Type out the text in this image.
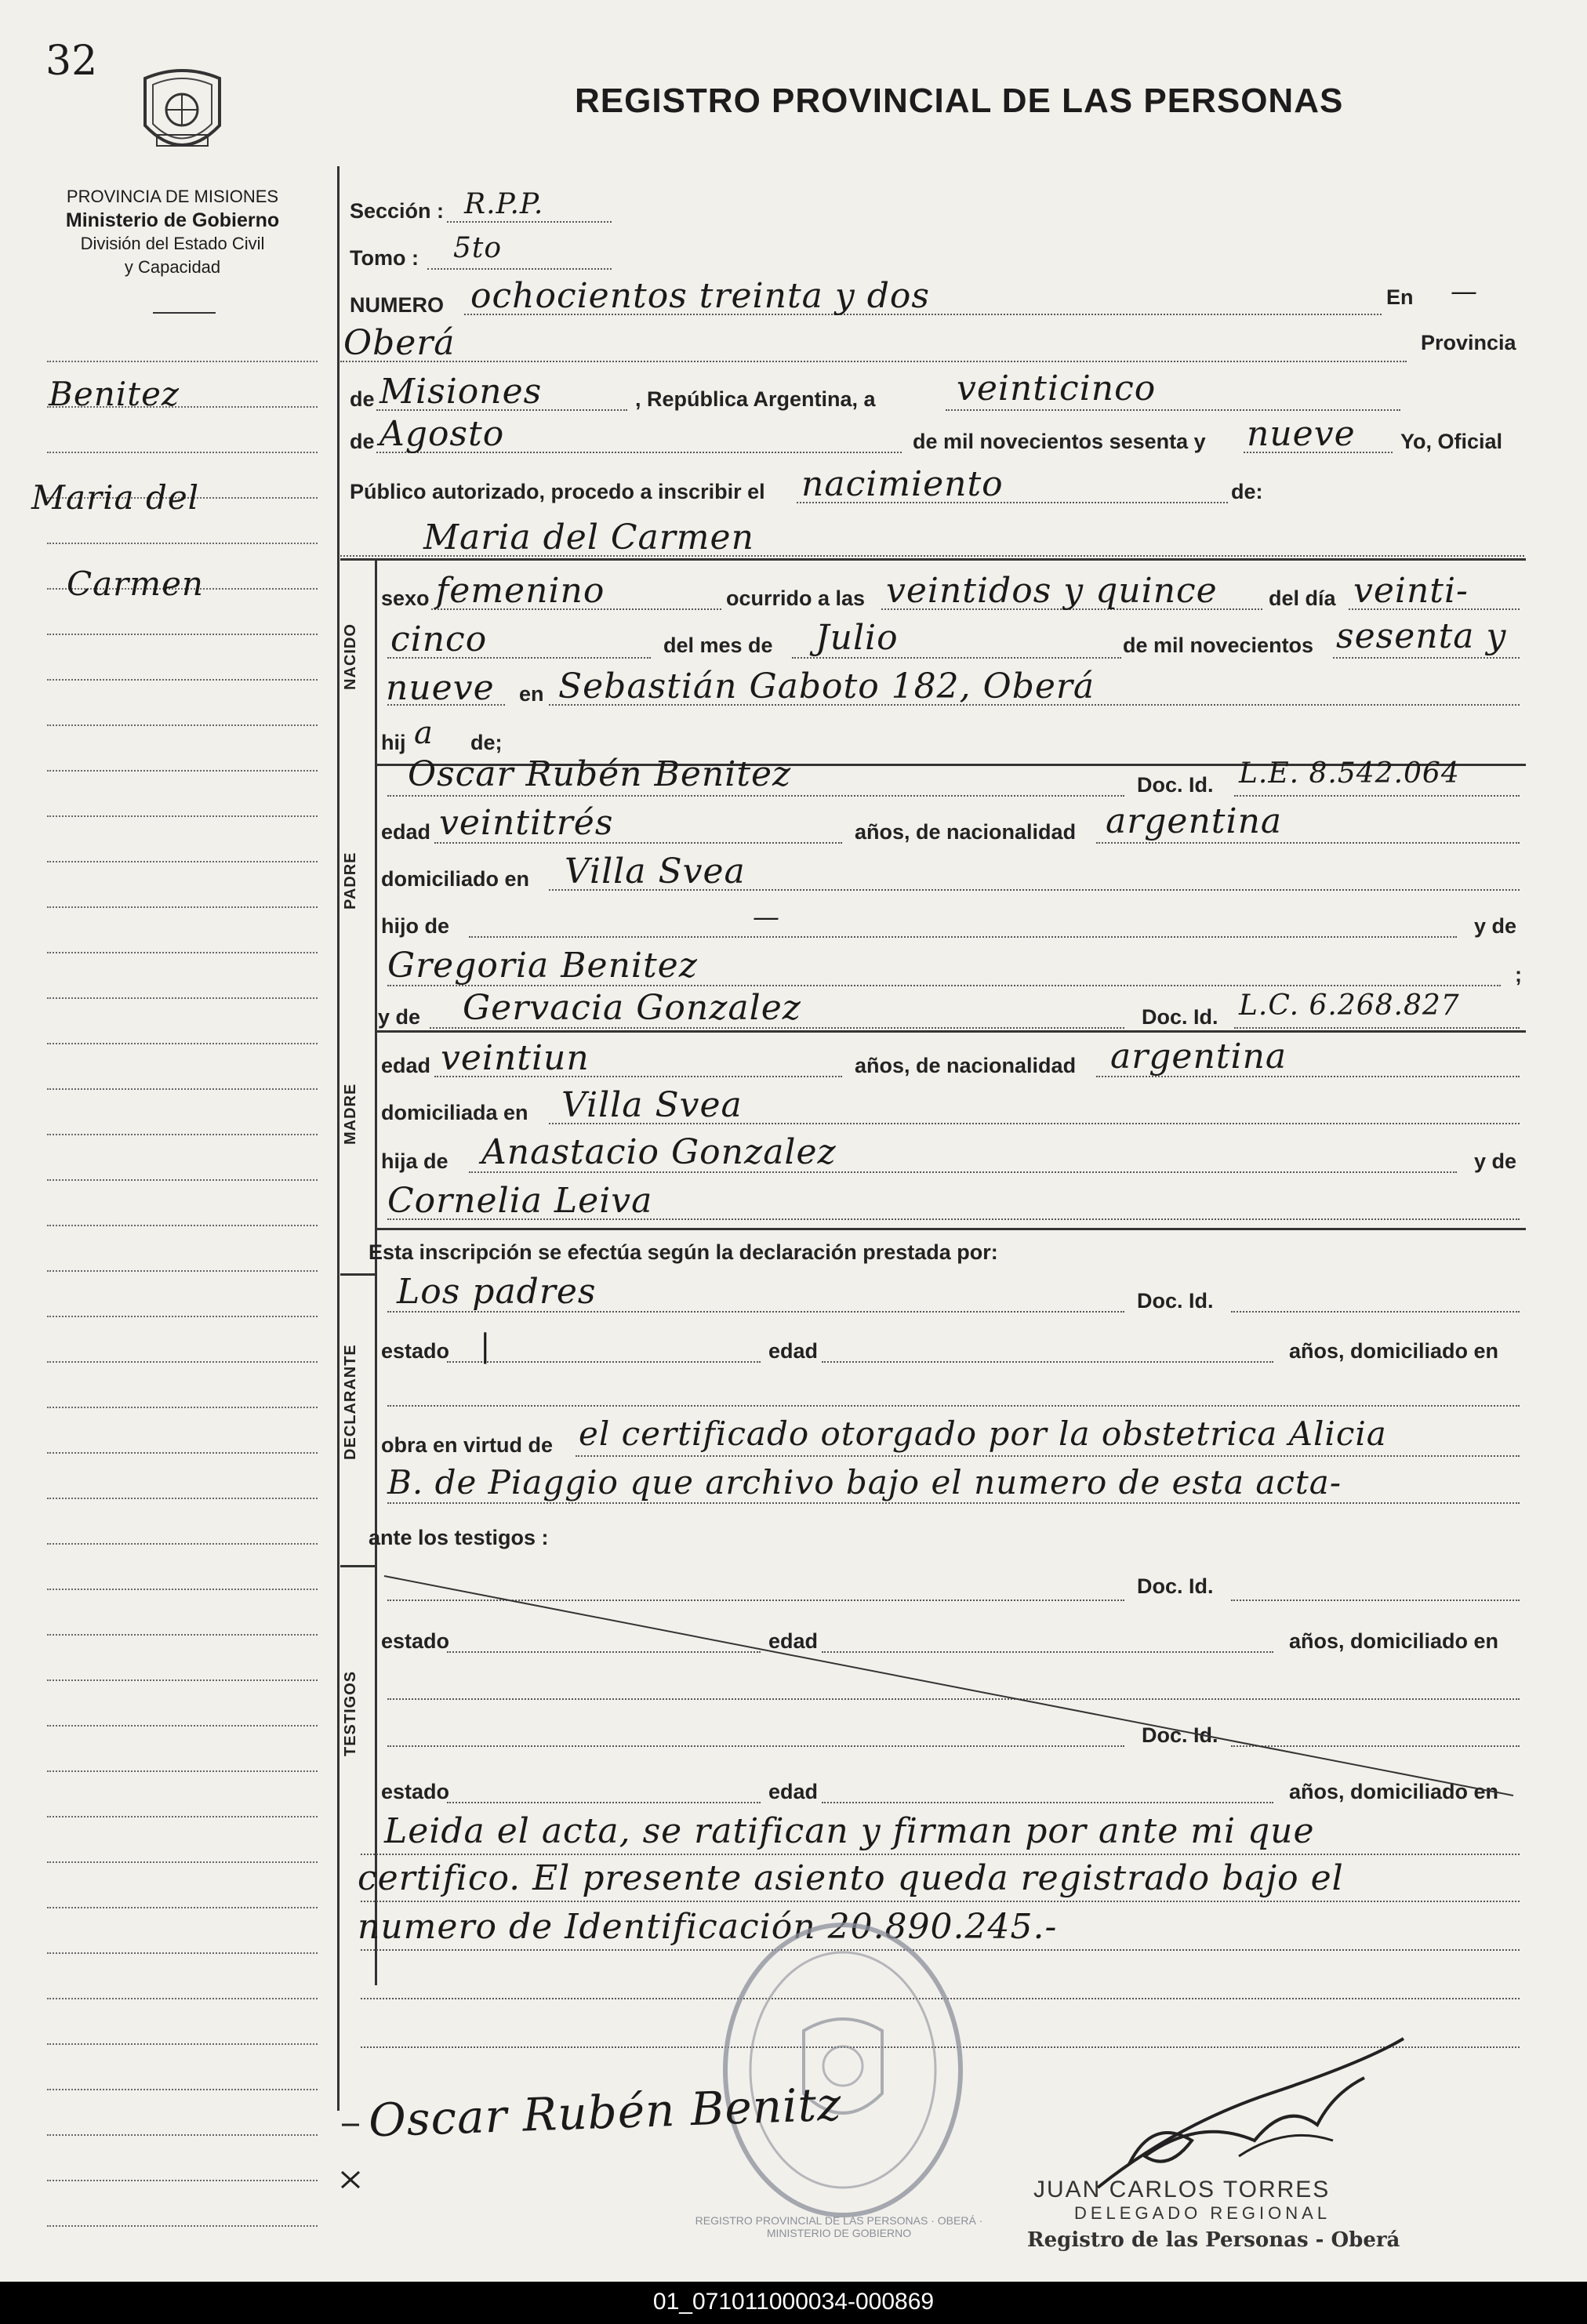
32
REGISTRO PROVINCIAL DE LAS PERSONAS
PROVINCIA DE MISIONES
Ministerio de Gobierno
División del Estado Civil
y Capacidad
Benitez
Maria del
Carmen
Sección : R.P.P.
Tomo : 5to
NUMERO ochocientos treinta y dos	En —
Oberá	Provincia
de Misiones	, República Argentina, a veinticinco
de Agosto	de mil novecientos sesenta y nueve Yo, Oficial
Público autorizado, procedo a inscribir el nacimiento	de:
Maria del Carmen
NACIDO
sexo femenino	ocurrido a las veintidos y quince del día veinti-
cinco	del mes de Julio	de mil novecientos sesenta y
nueve en Sebastián Gaboto 182, Oberá
hij a de;
PADRE
Oscar Rubén Benitez	Doc. Id. L.E. 8.542.064
edad veintitrés	años, de nacionalidad argentina
domiciliado en Villa Svea
hijo de	—	y de
Gregoria Benitez	;
y de Gervacia Gonzalez	Doc. Id. L.C. 6.268.827
MADRE
edad veintiun	años, de nacionalidad argentina
domiciliada en Villa Svea
hija de Anastacio Gonzalez	y de
Cornelia Leiva
Esta inscripción se efectúa según la declaración prestada por:
Los padres	Doc. Id.
DECLARANTE estado |	edad	años, domiciliado en
obra en virtud de el certificado otorgado por la obstetrica Alicia
B. de Piaggio que archivo bajo el numero de esta acta-
ante los testigos :
Doc. Id.
TESTIGOS
estado	edad	años, domiciliado en
Doc. Id.
estado	edad	años, domiciliado en
Leida el acta, se ratifican y firman por ante mi que
certifico. El presente asiento queda registrado bajo el
numero de Identificación 20.890.245.-
REGISTRO PROVINCIAL DE LAS PERSONAS · OBERÁ · MINISTERIO DE GOBIERNO
Oscar Rubén Benitz
JUAN CARLOS TORRES
DELEGADO REGIONAL
Registro de las Personas - Oberá
01_071011000034-000869
